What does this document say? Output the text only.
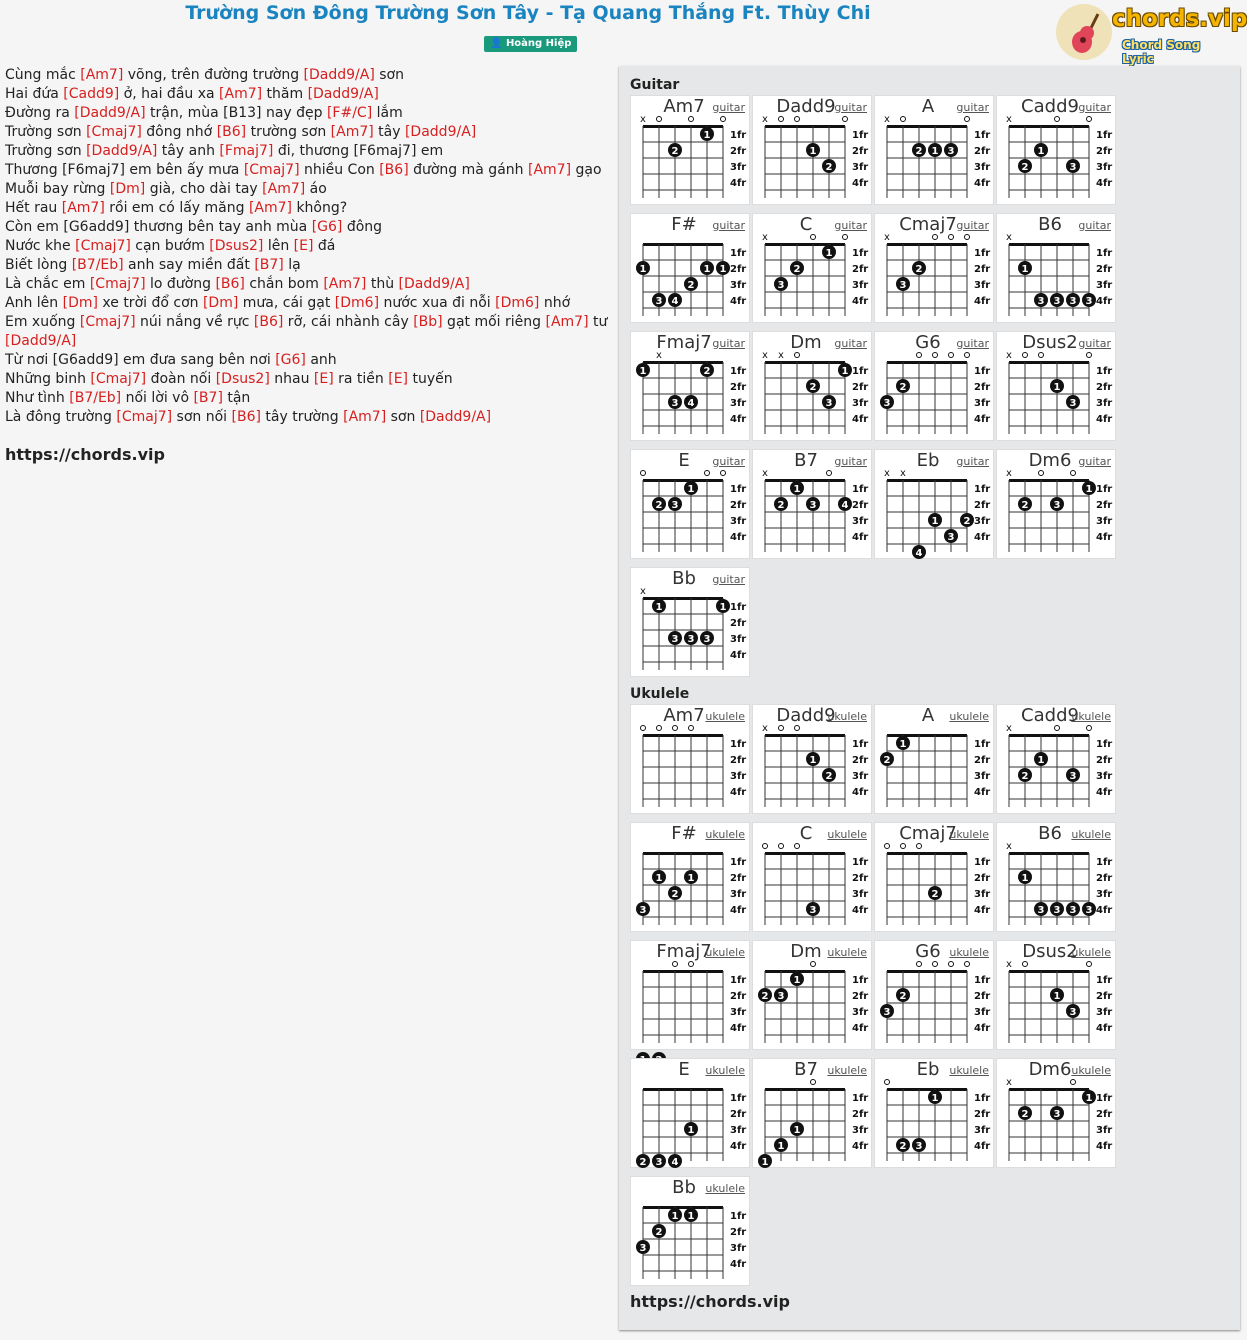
Trường Sơn Đông Trường Sơn Tây - Tạ Quang Thắng Ft. Thùy Chi
👤 Hoàng Hiệp
chords.vip
Chord Song Lyric
Cùng mắc [Am7] võng, trên đường trường [Dadd9/A] sơn
Hai đứa [Cadd9] ở, hai đầu xa [Am7] thăm [Dadd9/A]
Đường ra [Dadd9/A] trận, mùa [B13] nay đẹp [F#/C] lắm
Trường sơn [Cmaj7] đông nhớ [B6] trường sơn [Am7] tây [Dadd9/A]
Trường sơn [Dadd9/A] tây anh [Fmaj7] đi, thương [F6maj7] em
Thương [F6maj7] em bên ấy mưa [Cmaj7] nhiều Con [B6] đường mà gánh [Am7] gạo
Muỗi bay rừng [Dm] già, cho dài tay [Am7] áo
Hết rau [Am7] rồi em có lấy măng [Am7] không?
Còn em [G6add9] thương bên tay anh mùa [G6] đông
Nước khe [Cmaj7] cạn bướm [Dsus2] lên [E] đá
Biết lòng [B7/Eb] anh say miền đất [B7] lạ
Là chắc em [Cmaj7] lo đường [B6] chắn bom [Am7] thù [Dadd9/A]
Anh lên [Dm] xe trời đổ cơn [Dm] mưa, cái gạt [Dm6] nước xua đi nỗi [Dm6] nhớ
Em xuống [Cmaj7] núi nắng về rực [B6] rỡ, cái nhành cây [Bb] gạt mối riêng [Am7] tư
[Dadd9/A]
Từ nơi [G6add9] em đưa sang bên nơi [G6] anh
Những binh [Cmaj7] đoàn nối [Dsus2] nhau [E] ra tiền [E] tuyến
Như tình [B7/Eb] nối lời vô [B7] tận
Là đông trường [Cmaj7] sơn nối [B6] tây trường [Am7] sơn [Dadd9/A]
https://chords.vip
Guitar
Am7 guitar
1fr
2fr
3fr
4fr
x
1
2
Dadd9
guitar
1fr
2fr
3fr
4fr
x
1
2
A	guitar
1fr
2fr
3fr
4fr
x
2 1 3
Cadd9 guitar
1fr
2fr
3fr
4fr
x
1
2	3
F#	guitar
1fr
2fr
3fr
4fr
1	1 1
2
3 4
C	guitar
1fr
2fr
3fr
4fr
x
1
2
3
Cmaj7 guitar
1fr
2fr
3fr
4fr
x
2
3
B6	guitar
1fr
2fr
3fr
4fr
x
1
3 3 3 3
Fmaj7 guitar
1fr
2fr
3fr
4fr
x
1	2
3 4
Dm	guitar
1fr
2fr
3fr
4fr
x x
1
2
3
G6	guitar
1fr
2fr
3fr
4fr
2
3
Dsus2 guitar
1fr
2fr
3fr
4fr
x
1
3
E	guitar
1fr
2fr
3fr
4fr
1
2 3
B7	guitar
1fr
2fr
3fr
4fr
x
1
2	3	4
Eb	guitar
1fr
2fr
3fr
4fr
x x
1	2
3
4
Dm6 guitar
1fr
2fr
3fr
4fr
x
1
2	3
Bb	guitar
1fr
2fr
3fr
4fr
x
1	1
3 3 3
Ukulele
Am7 ukulele
1fr
2fr
3fr
4fr
Dadd9
ukulele
1fr
2fr
3fr
4fr
x
1
2
A	ukulele
1fr
2fr
3fr
4fr
1
2
Cadd9
ukulele
1fr
2fr
3fr
4fr
x
1
2	3
F# ukulele
1fr
2fr
3fr
4fr
1	1
2
3
C	ukulele
1fr
2fr
3fr
4fr
3
Cmaj7
ukulele
1fr
2fr
3fr
4fr
2
B6 ukulele
1fr
2fr
3fr
4fr
x
1
3 3 3 3
Fmaj7
ukulele
1fr
2fr
3fr
4fr
Dm ukulele
1fr
2fr
3fr
4fr
1
2 3
G6 ukulele
1fr
2fr
3fr
4fr
2
3
Dsus2
ukulele
1fr
2fr
3fr
4fr
x
1
3
E	ukulele
1fr
2fr
3fr
4fr
1
2 3 4
B7 ukulele
1fr
2fr
3fr
4fr
1
1
1
Eb ukulele
1fr
2fr
3fr
4fr
1
2 3
Dm6 ukulele
1fr
2fr
3fr
4fr
x
1
2	3
Bb ukulele
1fr
2fr
3fr
4fr
1 1
2
3
https://chords.vip
